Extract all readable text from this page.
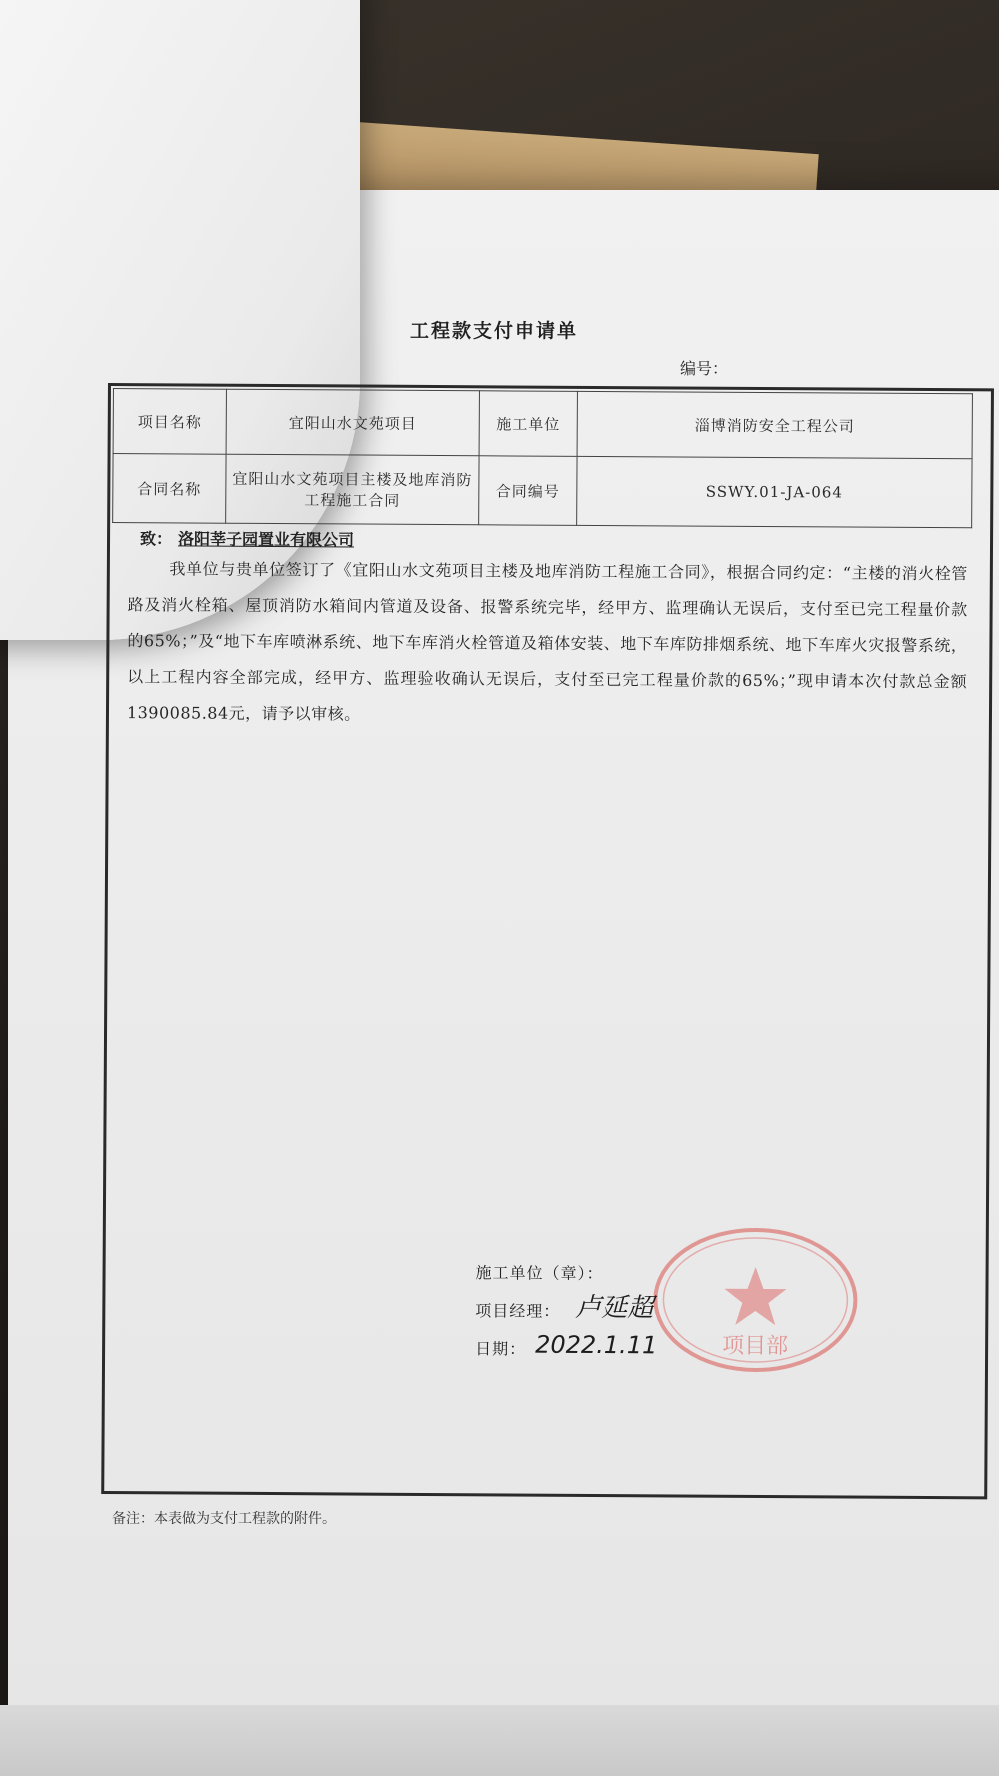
工程款支付申请单
编号：
项目名称	宜阳山水文苑项目	施工单位	淄博消防安全工程公司
合同名称	宜阳山水文苑项目主楼及地库消防工程施工合同	合同编号	SSWY.01-JA-064
致： 洛阳莘子园置业有限公司
我单位与贵单位签订了《宜阳山水文苑项目主楼及地库消防工程施工合同》，根据合同约定：“主楼的消火栓管路及消火栓箱、屋顶消防水箱间内管道及设备、报警系统完毕，经甲方、监理确认无误后，支付至已完工程量价款的65%；”及“地下车库喷淋系统、地下车库消火栓管道及箱体安装、地下车库防排烟系统、地下车库火灾报警系统，以上工程内容全部完成，经甲方、监理验收确认无误后，支付至已完工程量价款的65%；”现申请本次付款总金额1390085.84元，请予以审核。
项目部
施工单位（章）：
项目经理： 卢延超
日期： 2022.1.11
备注：本表做为支付工程款的附件。
